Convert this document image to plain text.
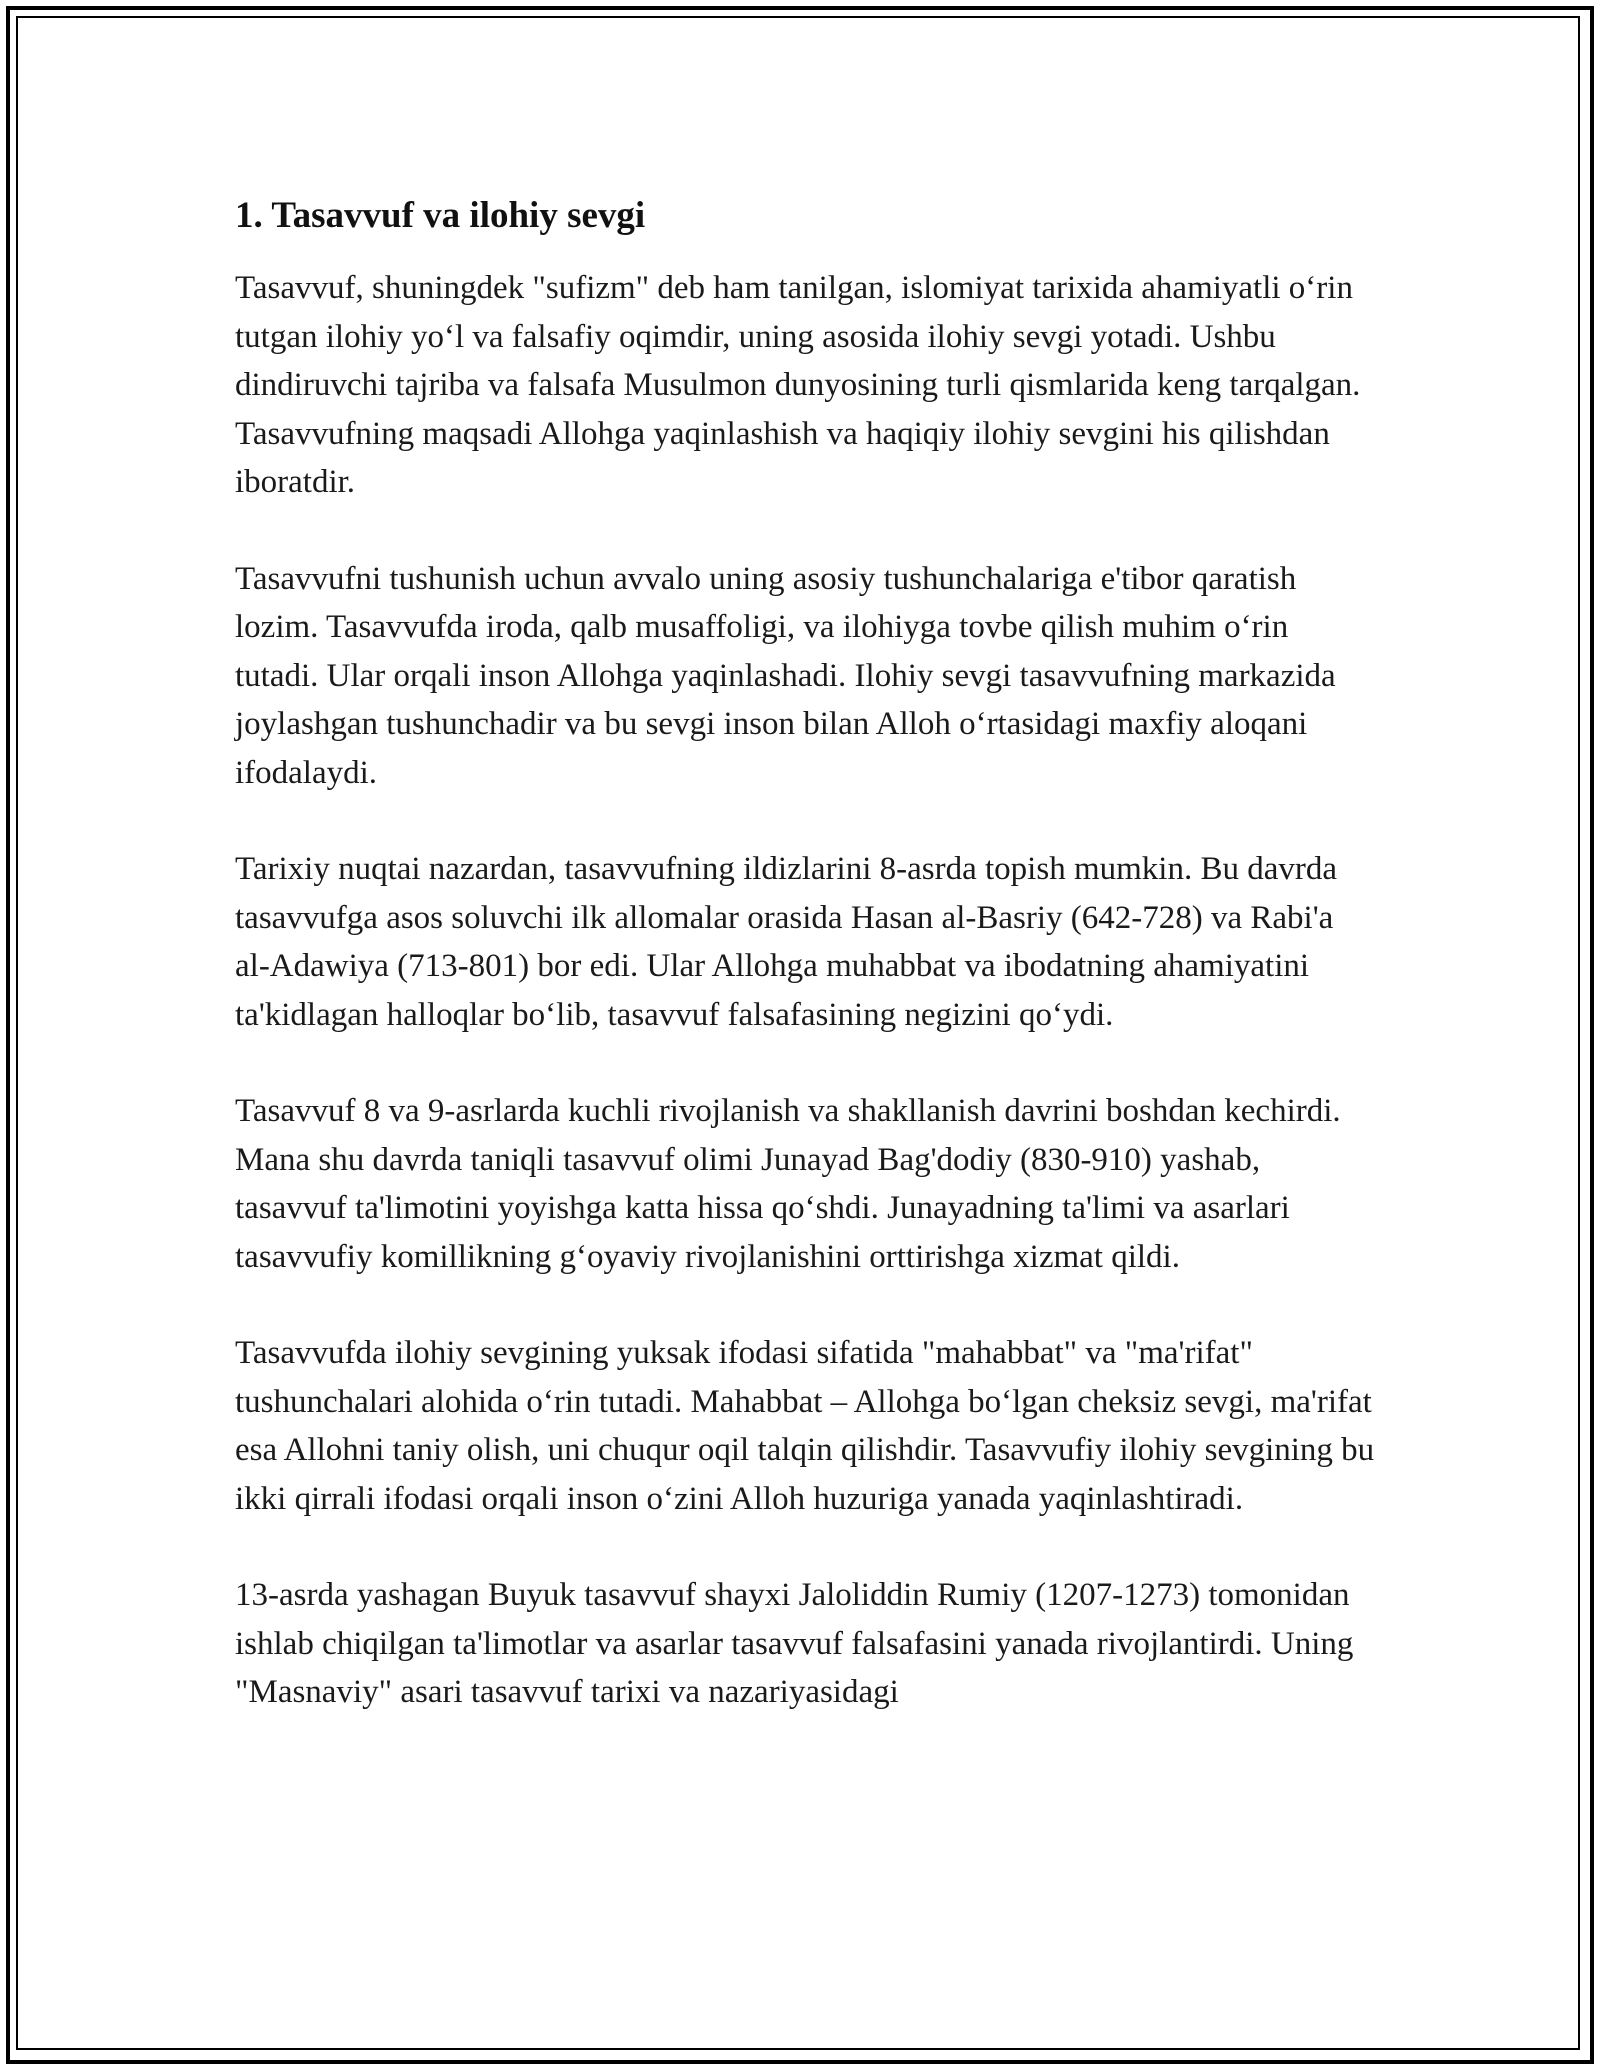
1. Tasavvuf va ilohiy sevgi

Tasavvuf, shuningdek "sufizm" deb ham tanilgan, islomiyat tarixida ahamiyatli o‘rin tutgan ilohiy yo‘l va falsafiy oqimdir, uning asosida ilohiy sevgi yotadi. Ushbu dindiruvchi tajriba va falsafa Musulmon dunyosining turli qismlarida keng tarqalgan. Tasavvufning maqsadi Allohga yaqinlashish va haqiqiy ilohiy sevgini his qilishdan iboratdir.

Tasavvufni tushunish uchun avvalo uning asosiy tushunchalariga e'tibor qaratish lozim. Tasavvufda iroda, qalb musaffoligi, va ilohiyga tovbe qilish muhim o‘rin tutadi. Ular orqali inson Allohga yaqinlashadi. Ilohiy sevgi tasavvufning markazida joylashgan tushunchadir va bu sevgi inson bilan Alloh o‘rtasidagi maxfiy aloqani ifodalaydi.

Tarixiy nuqtai nazardan, tasavvufning ildizlarini 8-asrda topish mumkin. Bu davrda tasavvufga asos soluvchi ilk allomalar orasida Hasan al-Basriy (642-728) va Rabi'a al-Adawiya (713-801) bor edi. Ular Allohga muhabbat va ibodatning ahamiyatini ta'kidlagan halloqlar bo‘lib, tasavvuf falsafasining negizini qo‘ydi.

Tasavvuf 8 va 9-asrlarda kuchli rivojlanish va shakllanish davrini boshdan kechirdi. Mana shu davrda taniqli tasavvuf olimi Junayad Bag'dodiy (830-910) yashab, tasavvuf ta'limotini yoyishga katta hissa qo‘shdi. Junayadning ta'limi va asarlari tasavvufiy komillikning g‘oyaviy rivojlanishini orttirishga xizmat qildi.

Tasavvufda ilohiy sevgining yuksak ifodasi sifatida "mahabbat" va "ma'rifat" tushunchalari alohida o‘rin tutadi. Mahabbat – Allohga bo‘lgan cheksiz sevgi, ma'rifat esa Allohni taniy olish, uni chuqur oqil talqin qilishdir. Tasavvufiy ilohiy sevgining bu ikki qirrali ifodasi orqali inson o‘zini Alloh huzuriga yanada yaqinlashtiradi.

13-asrda yashagan Buyuk tasavvuf shayxi Jaloliddin Rumiy (1207-1273) tomonidan ishlab chiqilgan ta'limotlar va asarlar tasavvuf falsafasini yanada rivojlantirdi. Uning "Masnaviy" asari tasavvuf tarixi va nazariyasidagi
